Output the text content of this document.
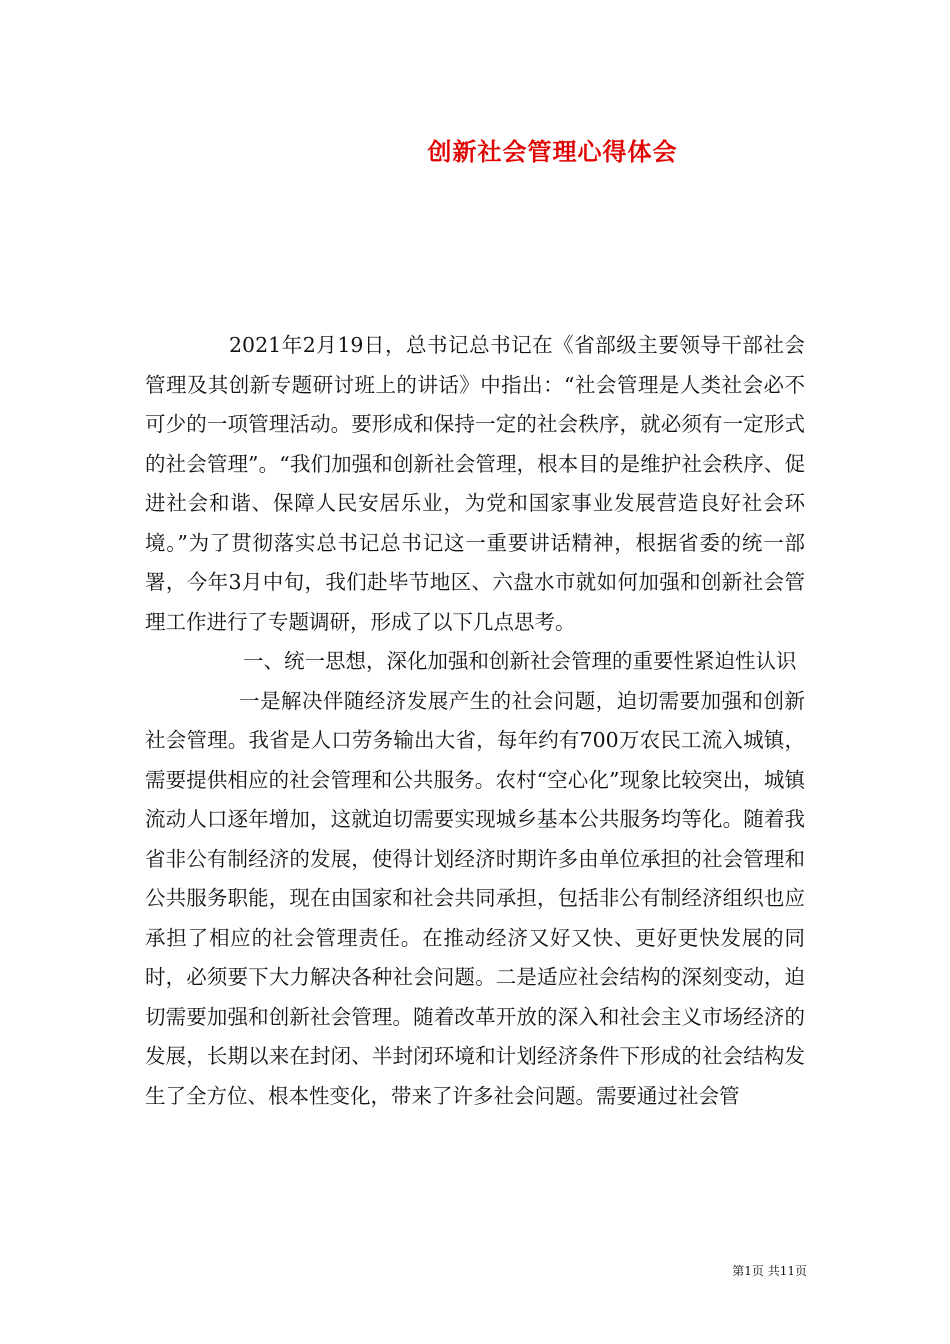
创新社会管理心得体会

2021年2月19日，总书记总书记在《省部级主要领导干部社会管理及其创新专题研讨班上的讲话》中指出：“社会管理是人类社会必不可少的一项管理活动。要形成和保持一定的社会秩序，就必须有一定形式的社会管理”。“我们加强和创新社会管理，根本目的是维护社会秩序、促进社会和谐、保障人民安居乐业，为党和国家事业发展营造良好社会环境。”为了贯彻落实总书记总书记这一重要讲话精神，根据省委的统一部署，今年3月中旬，我们赴毕节地区、六盘水市就如何加强和创新社会管理工作进行了专题调研，形成了以下几点思考。

一、统一思想，深化加强和创新社会管理的重要性紧迫性认识

一是解决伴随经济发展产生的社会问题，迫切需要加强和创新社会管理。我省是人口劳务输出大省，每年约有700万农民工流入城镇，需要提供相应的社会管理和公共服务。农村“空心化”现象比较突出，城镇流动人口逐年增加，这就迫切需要实现城乡基本公共服务均等化。随着我省非公有制经济的发展，使得计划经济时期许多由单位承担的社会管理和公共服务职能，现在由国家和社会共同承担，包括非公有制经济组织也应承担了相应的社会管理责任。在推动经济又好又快、更好更快发展的同时，必须要下大力解决各种社会问题。二是适应社会结构的深刻变动，迫切需要加强和创新社会管理。随着改革开放的深入和社会主义市场经济的发展，长期以来在封闭、半封闭环境和计划经济条件下形成的社会结构发生了全方位、根本性变化，带来了许多社会问题。需要通过社会管

第1页 共11页
